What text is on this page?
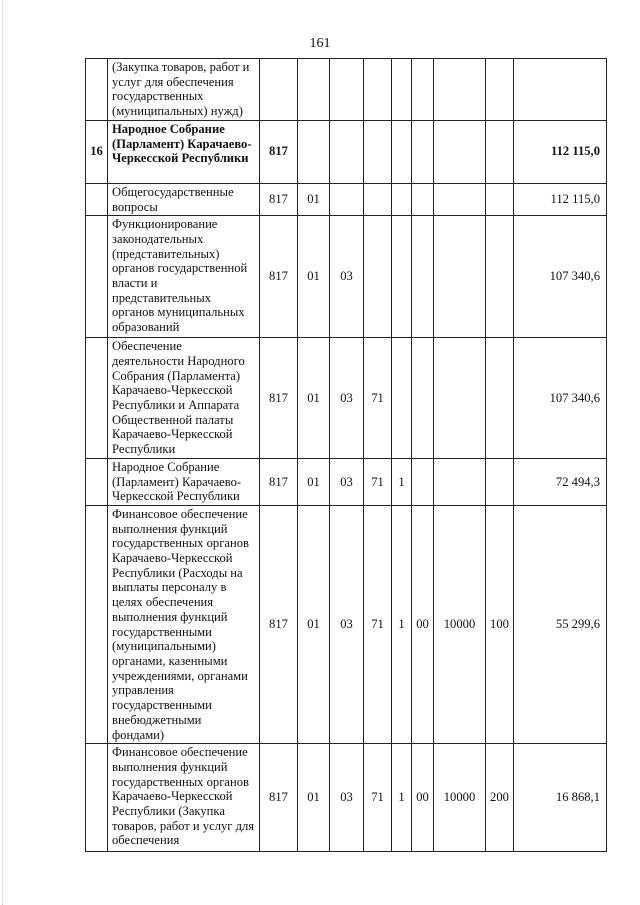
161
	(Закупка товаров, работ и услуг для обеспечения государственных (муниципальных) нужд)									
16	Народное Собрание (Парламент) Карачаево-Черкесской Республики	817								112 115,0
	Общегосударственные вопросы	817	01							112 115,0
	Функционирование законодательных (представительных) органов государственной власти и представительных органов муниципальных образований	817	01	03						107 340,6
	Обеспечение деятельности Народного Собрания (Парламента) Карачаево-Черкесской Республики и Аппарата Общественной палаты Карачаево-Черкесской Республики	817	01	03	71					107 340,6
	Народное Собрание (Парламент) Карачаево-Черкесской Республики	817	01	03	71	1				72 494,3
	Финансовое обеспечение выполнения функций государственных органов Карачаево-Черкесской Республики (Расходы на выплаты персоналу в целях обеспечения выполнения функций государственными (муниципальными) органами, казенными учреждениями, органами управления государственными внебюджетными фондами)	817	01	03	71	1	00	10000	100	55 299,6
	Финансовое обеспечение выполнения функций государственных органов Карачаево-Черкесской Республики (Закупка товаров, работ и услуг для обеспечения	817	01	03	71	1	00	10000	200	16 868,1
